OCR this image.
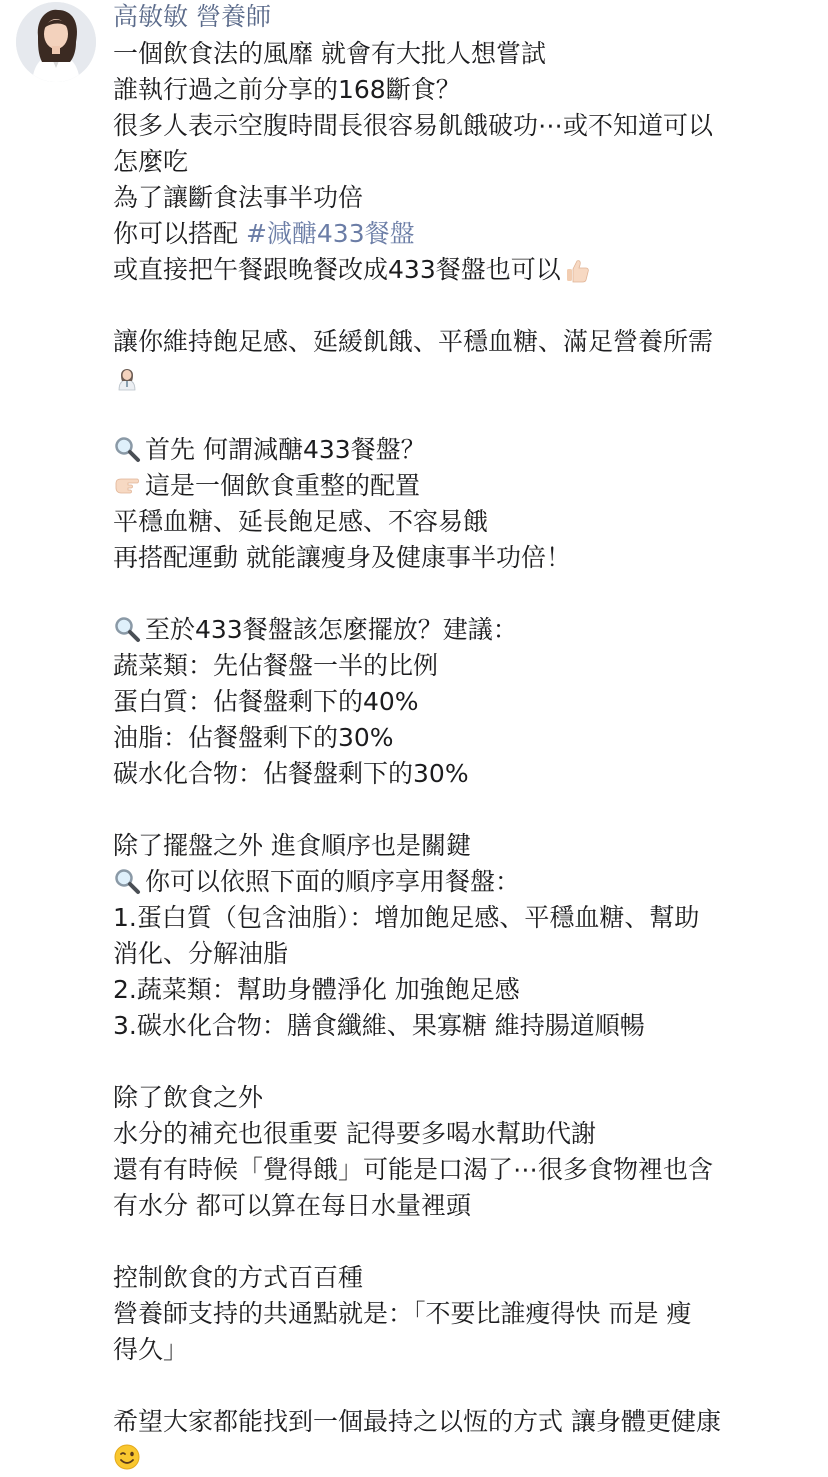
高敏敏 營養師
一個飲食法的風靡 就會有大批人想嘗試
誰執行過之前分享的168斷食？
很多人表示空腹時間長很容易飢餓破功⋯或不知道可以
怎麼吃
為了讓斷食法事半功倍
你可以搭配 #減醣433餐盤
或直接把午餐跟晚餐改成433餐盤也可以
讓你維持飽足感、延緩飢餓、平穩血糖、滿足營養所需
首先 何謂減醣433餐盤？
這是一個飲食重整的配置
平穩血糖、延長飽足感、不容易餓
再搭配運動 就能讓瘦身及健康事半功倍！
至於433餐盤該怎麼擺放？建議：
蔬菜類：先佔餐盤一半的比例
蛋白質：佔餐盤剩下的40%
油脂：佔餐盤剩下的30%
碳水化合物：佔餐盤剩下的30%
除了擺盤之外 進食順序也是關鍵
你可以依照下面的順序享用餐盤：
1.蛋白質（包含油脂）：增加飽足感、平穩血糖、幫助
消化、分解油脂
2.蔬菜類：幫助身體淨化 加強飽足感
3.碳水化合物：膳食纖維、果寡糖 維持腸道順暢
除了飲食之外
水分的補充也很重要 記得要多喝水幫助代謝
還有有時候「覺得餓」可能是口渴了⋯很多食物裡也含
有水分 都可以算在每日水量裡頭
控制飲食的方式百百種
營養師支持的共通點就是：「不要比誰瘦得快 而是 瘦
得久」
希望大家都能找到一個最持之以恆的方式 讓身體更健康
